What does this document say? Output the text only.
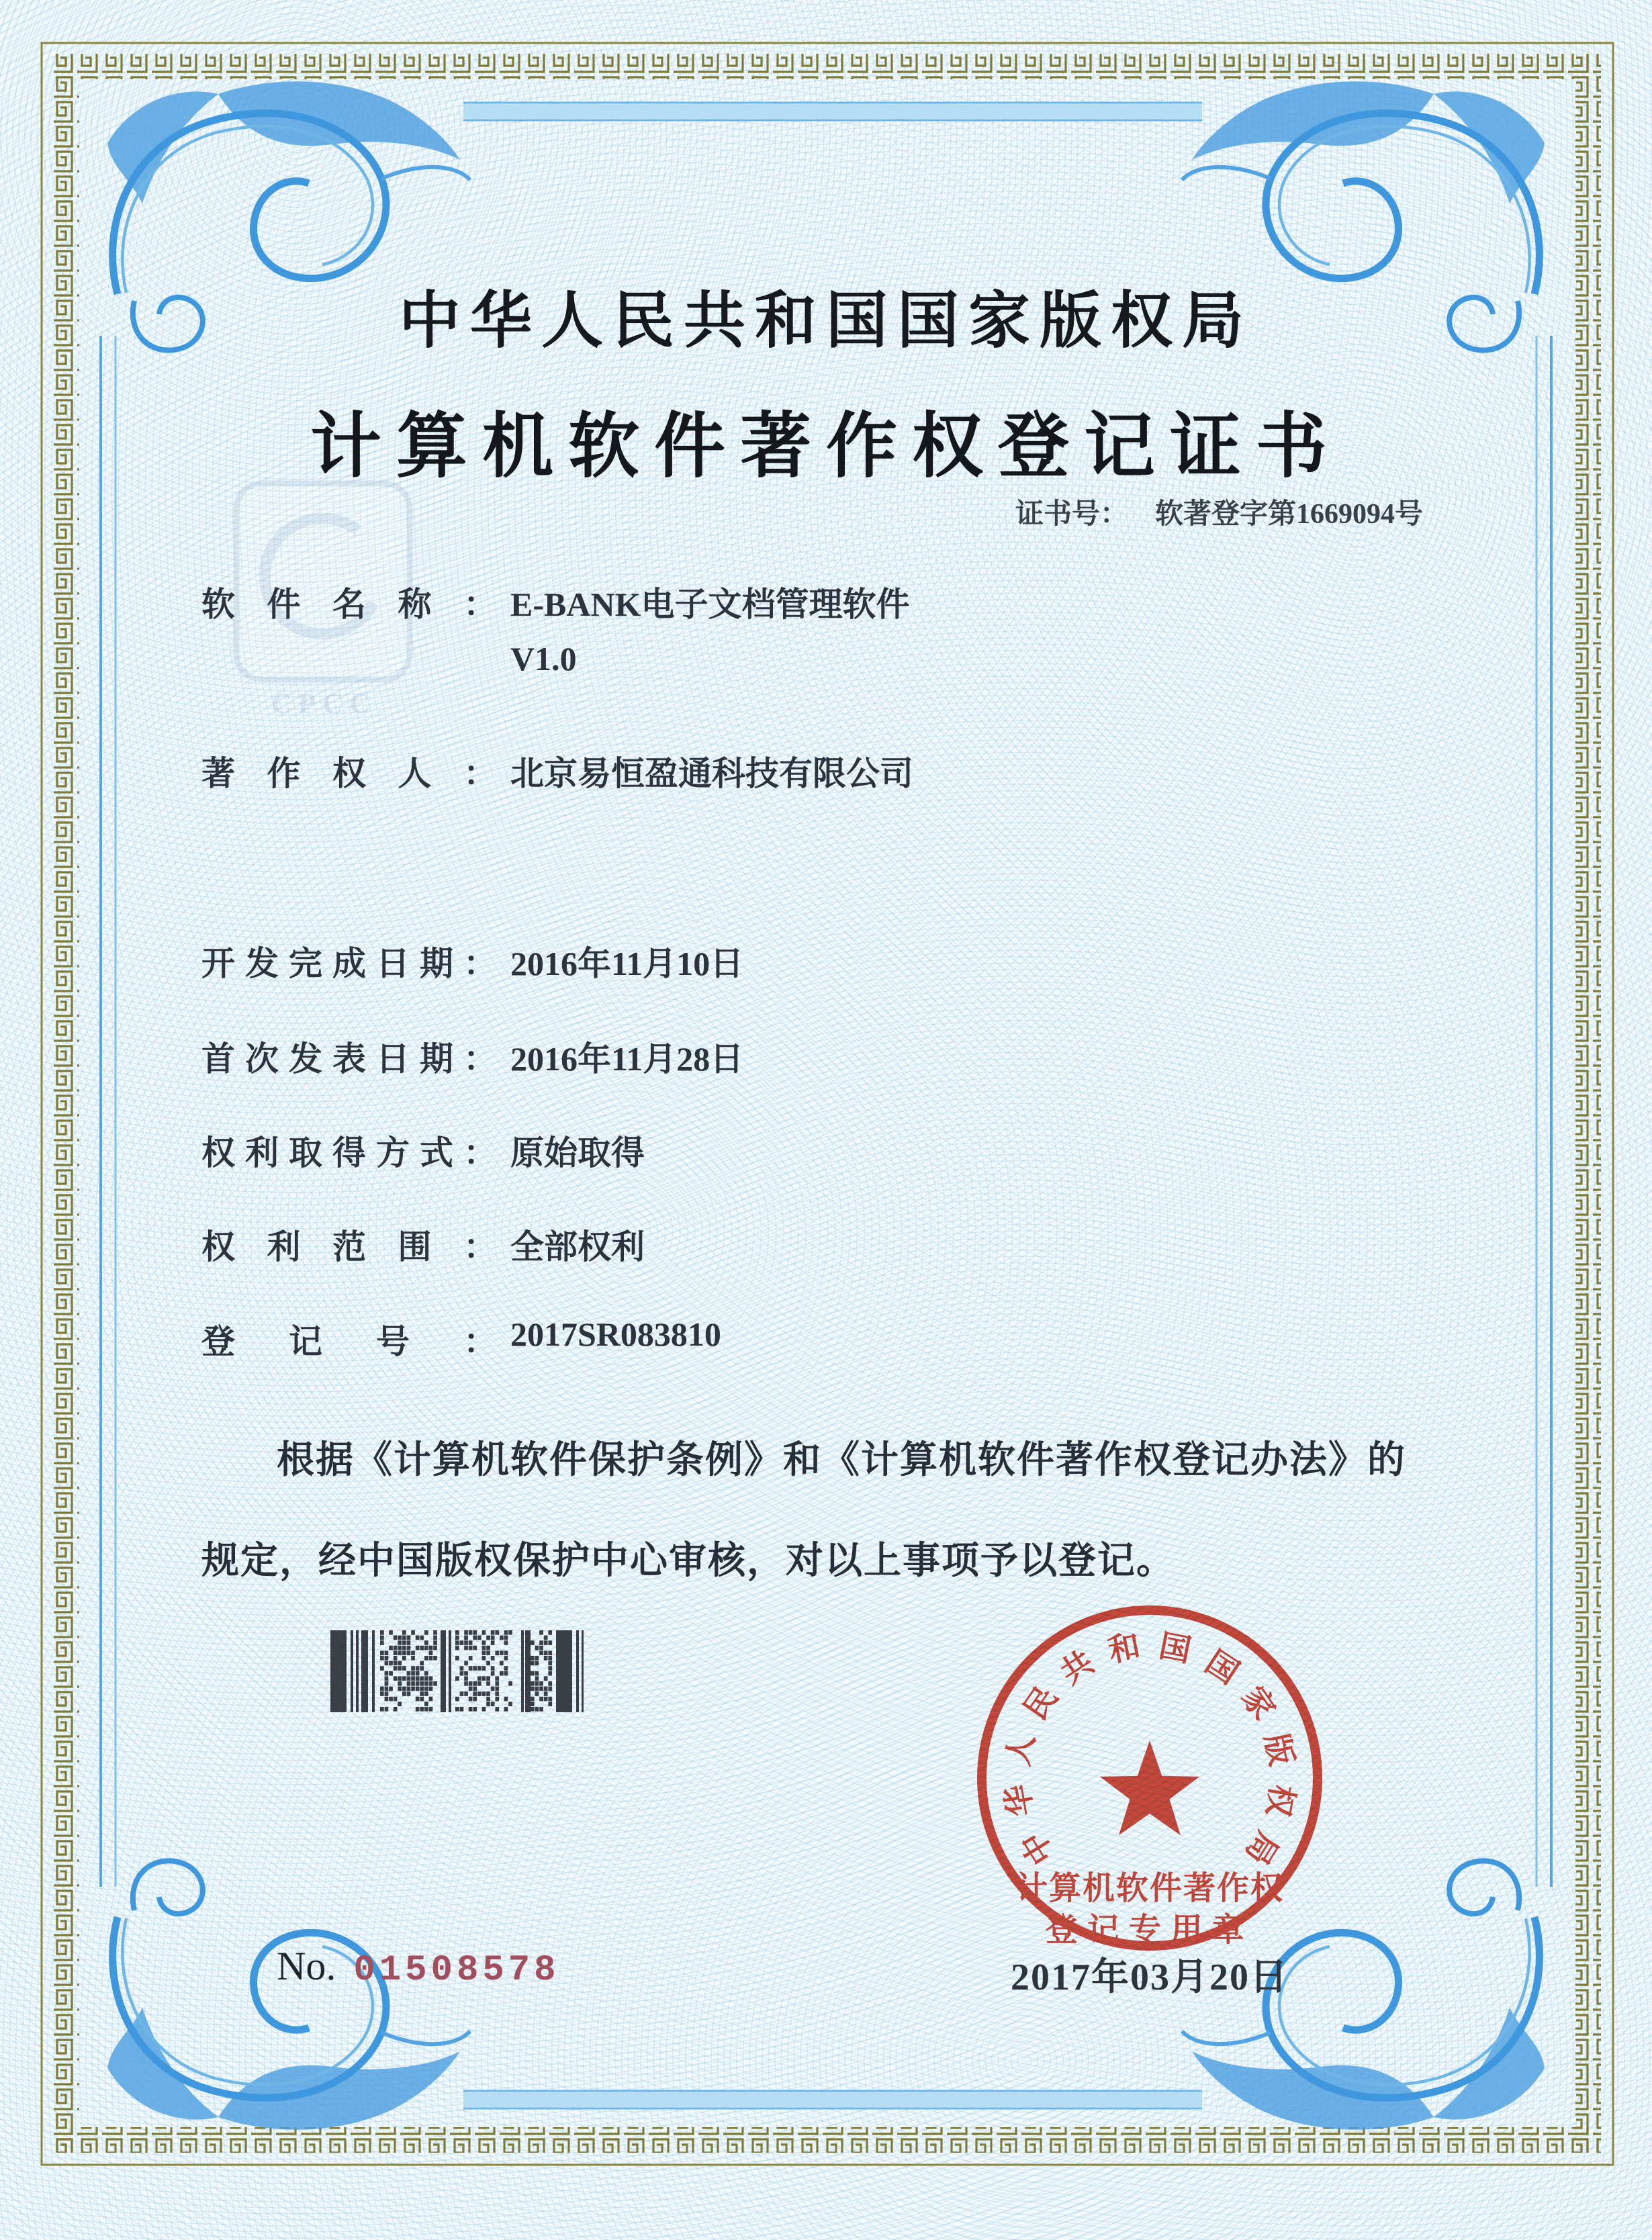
CPCC
中
华
人
民
共 和 国 国
家
版
权
局
计算机软件著作权
登记专用章
中华人民共和国国家版权局
计算机软件著作权登记证书
证书号： 软著登字第1669094号
软件名称： E-BANK电子文档管理软件
V1.0
著作权人： 北京易恒盈通科技有限公司
开发完成日期： 2016年11月10日
首次发表日期： 2016年11月28日
权利取得方式： 原始取得
权利范围： 全部权利
登记号： 2017SR083810
根据《计算机软件保护条例》和《计算机软件著作权登记办法》的
规定，经中国版权保护中心审核，对以上事项予以登记。
2017年03月20日
No. 01508578
